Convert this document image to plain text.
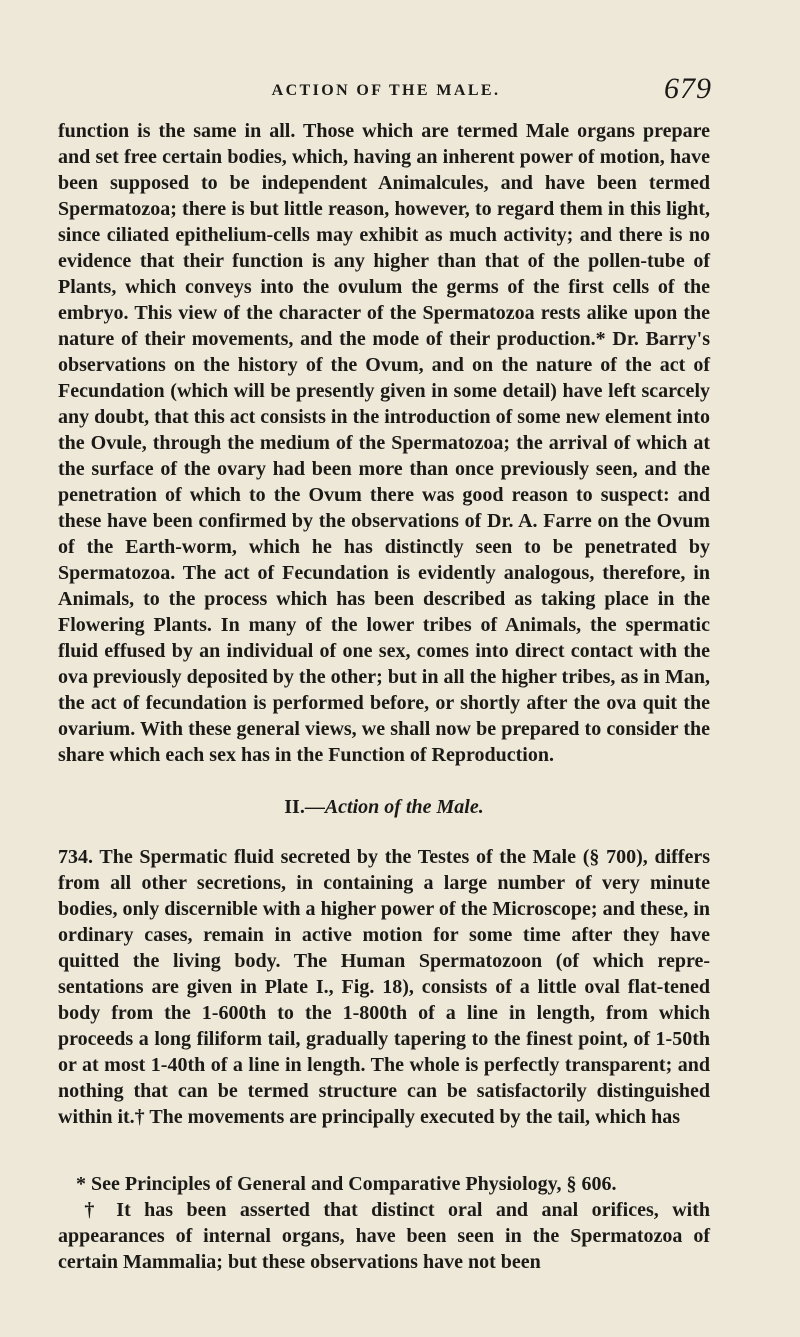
ACTION OF THE MALE.	679

function is the same in all. Those which are termed Male organs prepare and set free certain bodies, which, having an inherent power of motion, have been supposed to be independent Animalcules, and have been termed Spermatozoa; there is but little reason, however, to regard them in this light, since ciliated epithelium-cells may exhibit as much activity; and there is no evidence that their function is any higher than that of the pollen-tube of Plants, which conveys into the ovulum the germs of the first cells of the embryo. This view of the character of the Spermatozoa rests alike upon the nature of their movements, and the mode of their production.* Dr. Barry's observations on the history of the Ovum, and on the nature of the act of Fecundation (which will be presently given in some detail) have left scarcely any doubt, that this act consists in the introduction of some new element into the Ovule, through the medium of the Spermatozoa; the arrival of which at the surface of the ovary had been more than once previously seen, and the penetration of which to the Ovum there was good reason to suspect: and these have been confirmed by the observations of Dr. A. Farre on the Ovum of the Earth-worm, which he has distinctly seen to be penetrated by Spermatozoa. The act of Fecundation is evidently analogous, therefore, in Animals, to the process which has been described as taking place in the Flowering Plants. In many of the lower tribes of Animals, the spermatic fluid effused by an individual of one sex, comes into direct contact with the ova previously deposited by the other; but in all the higher tribes, as in Man, the act of fecundation is performed before, or shortly after the ova quit the ovarium. With these general views, we shall now be prepared to consider the share which each sex has in the Function of Reproduction.

II.—Action of the Male.

734. The Spermatic fluid secreted by the Testes of the Male (§ 700), differs from all other secretions, in containing a large number of very minute bodies, only discernible with a higher power of the Microscope; and these, in ordinary cases, remain in active motion for some time after they have quitted the living body. The Human Spermatozoon (of which repre-sentations are given in Plate I., Fig. 18), consists of a little oval flat-tened body from the 1-600th to the 1-800th of a line in length, from which proceeds a long filiform tail, gradually tapering to the finest point, of 1-50th or at most 1-40th of a line in length. The whole is perfectly transparent; and nothing that can be termed structure can be satisfactorily distinguished within it.† The movements are principally executed by the tail, which has

* See Principles of General and Comparative Physiology, § 606.

† It has been asserted that distinct oral and anal orifices, with appearances of internal organs, have been seen in the Spermatozoa of certain Mammalia; but these observations have not been
